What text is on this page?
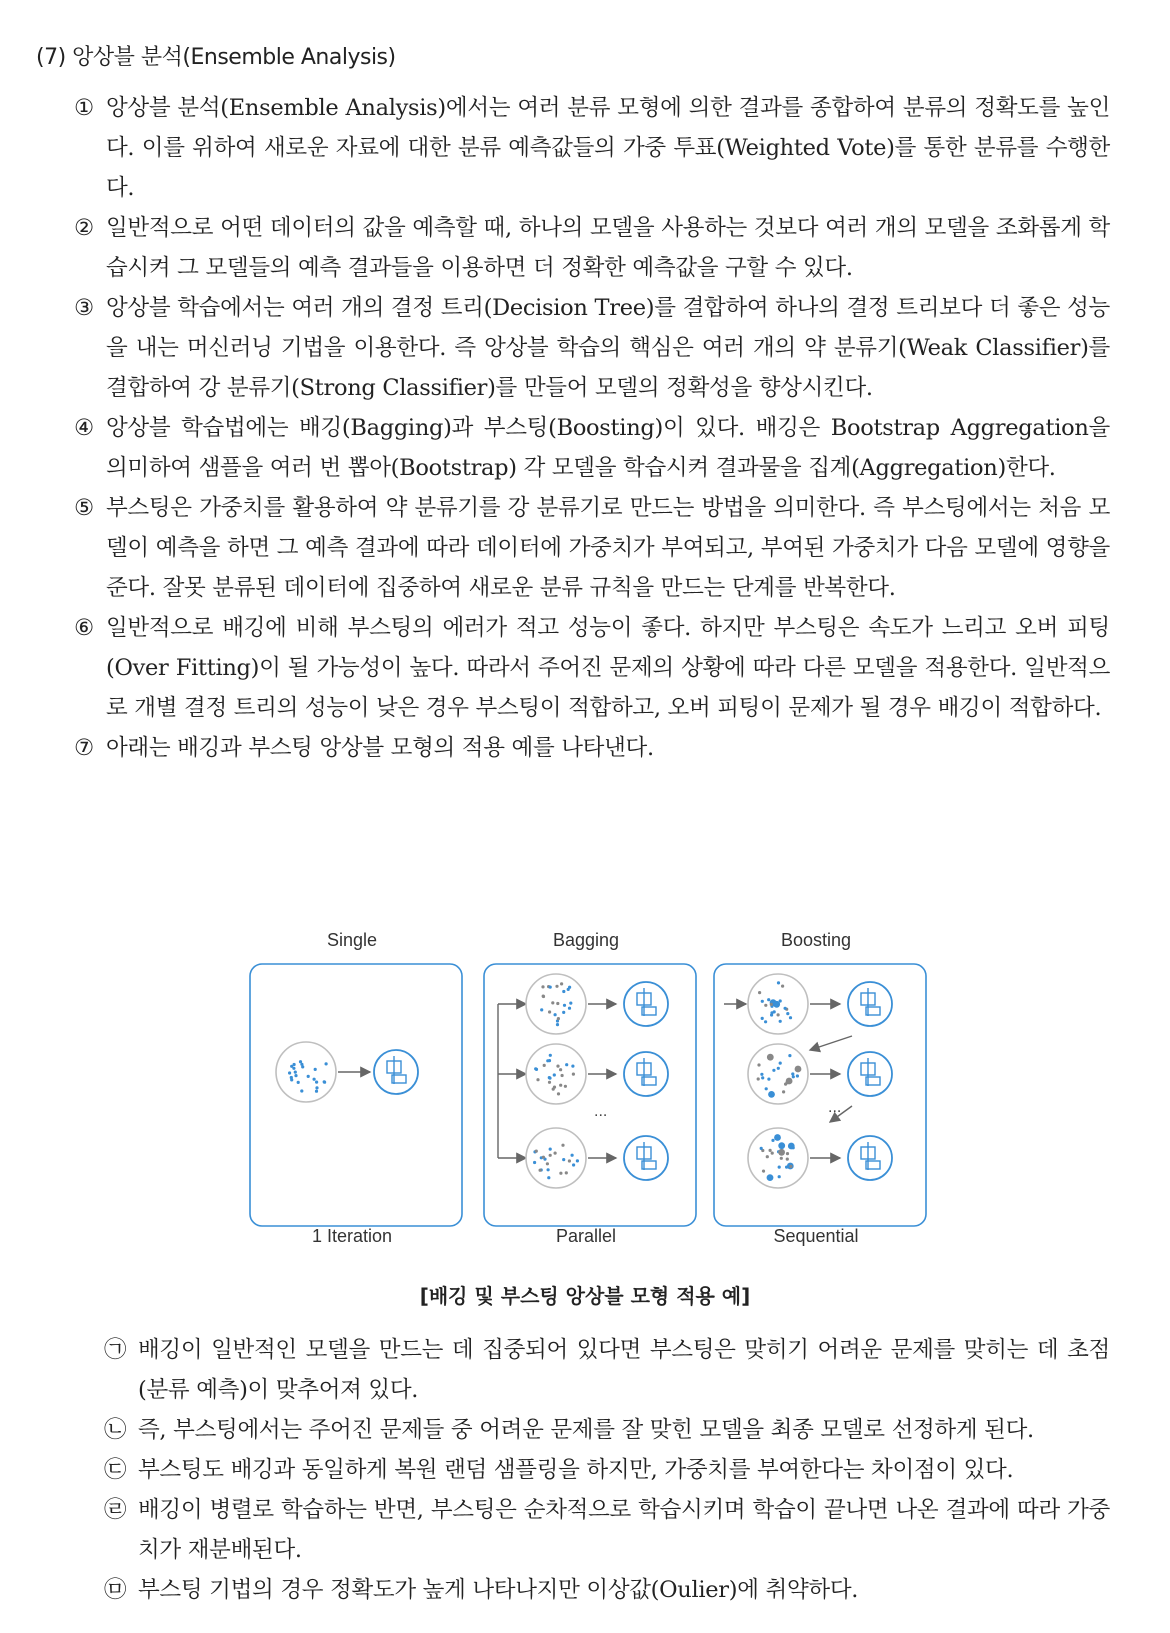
(7) 앙상블 분석(Ensemble Analysis)
① 앙상블 분석(Ensemble Analysis)에서는 여러 분류 모형에 의한 결과를 종합하여 분류의 정확도를 높인다. 이를 위하여 새로운 자료에 대한 분류 예측값들의 가중 투표(Weighted Vote)를 통한 분류를 수행한다.
② 일반적으로 어떤 데이터의 값을 예측할 때, 하나의 모델을 사용하는 것보다 여러 개의 모델을 조화롭게 학습시켜 그 모델들의 예측 결과들을 이용하면 더 정확한 예측값을 구할 수 있다.
③ 앙상블 학습에서는 여러 개의 결정 트리(Decision Tree)를 결합하여 하나의 결정 트리보다 더 좋은 성능을 내는 머신러닝 기법을 이용한다. 즉 앙상블 학습의 핵심은 여러 개의 약 분류기(Weak Classifier)를 결합하여 강 분류기(Strong Classifier)를 만들어 모델의 정확성을 향상시킨다.
④ 앙상블 학습법에는 배깅(Bagging)과 부스팅(Boosting)이 있다. 배깅은 Bootstrap Aggregation을 의미하여 샘플을 여러 번 뽑아(Bootstrap) 각 모델을 학습시켜 결과물을 집계(Aggregation)한다.
⑤ 부스팅은 가중치를 활용하여 약 분류기를 강 분류기로 만드는 방법을 의미한다. 즉 부스팅에서는 처음 모델이 예측을 하면 그 예측 결과에 따라 데이터에 가중치가 부여되고, 부여된 가중치가 다음 모델에 영향을 준다. 잘못 분류된 데이터에 집중하여 새로운 분류 규칙을 만드는 단계를 반복한다.
⑥ 일반적으로 배깅에 비해 부스팅의 에러가 적고 성능이 좋다. 하지만 부스팅은 속도가 느리고 오버 피팅(Over Fitting)이 될 가능성이 높다. 따라서 주어진 문제의 상황에 따라 다른 모델을 적용한다. 일반적으로 개별 결정 트리의 성능이 낮은 경우 부스팅이 적합하고, 오버 피팅이 문제가 될 경우 배깅이 적합하다.
⑦ 아래는 배깅과 부스팅 앙상블 모형의 적용 예를 나타낸다.
Single	Bagging	Boosting
...	...
1 Iteration	Parallel	Sequential
[배깅 및 부스팅 앙상블 모형 적용 예]
㉠ 배깅이 일반적인 모델을 만드는 데 집중되어 있다면 부스팅은 맞히기 어려운 문제를 맞히는 데 초점(분류 예측)이 맞추어져 있다.
㉡ 즉, 부스팅에서는 주어진 문제들 중 어려운 문제를 잘 맞힌 모델을 최종 모델로 선정하게 된다.
㉢ 부스팅도 배깅과 동일하게 복원 랜덤 샘플링을 하지만, 가중치를 부여한다는 차이점이 있다.
㉣ 배깅이 병렬로 학습하는 반면, 부스팅은 순차적으로 학습시키며 학습이 끝나면 나온 결과에 따라 가중치가 재분배된다.
㉤ 부스팅 기법의 경우 정확도가 높게 나타나지만 이상값(Oulier)에 취약하다.
